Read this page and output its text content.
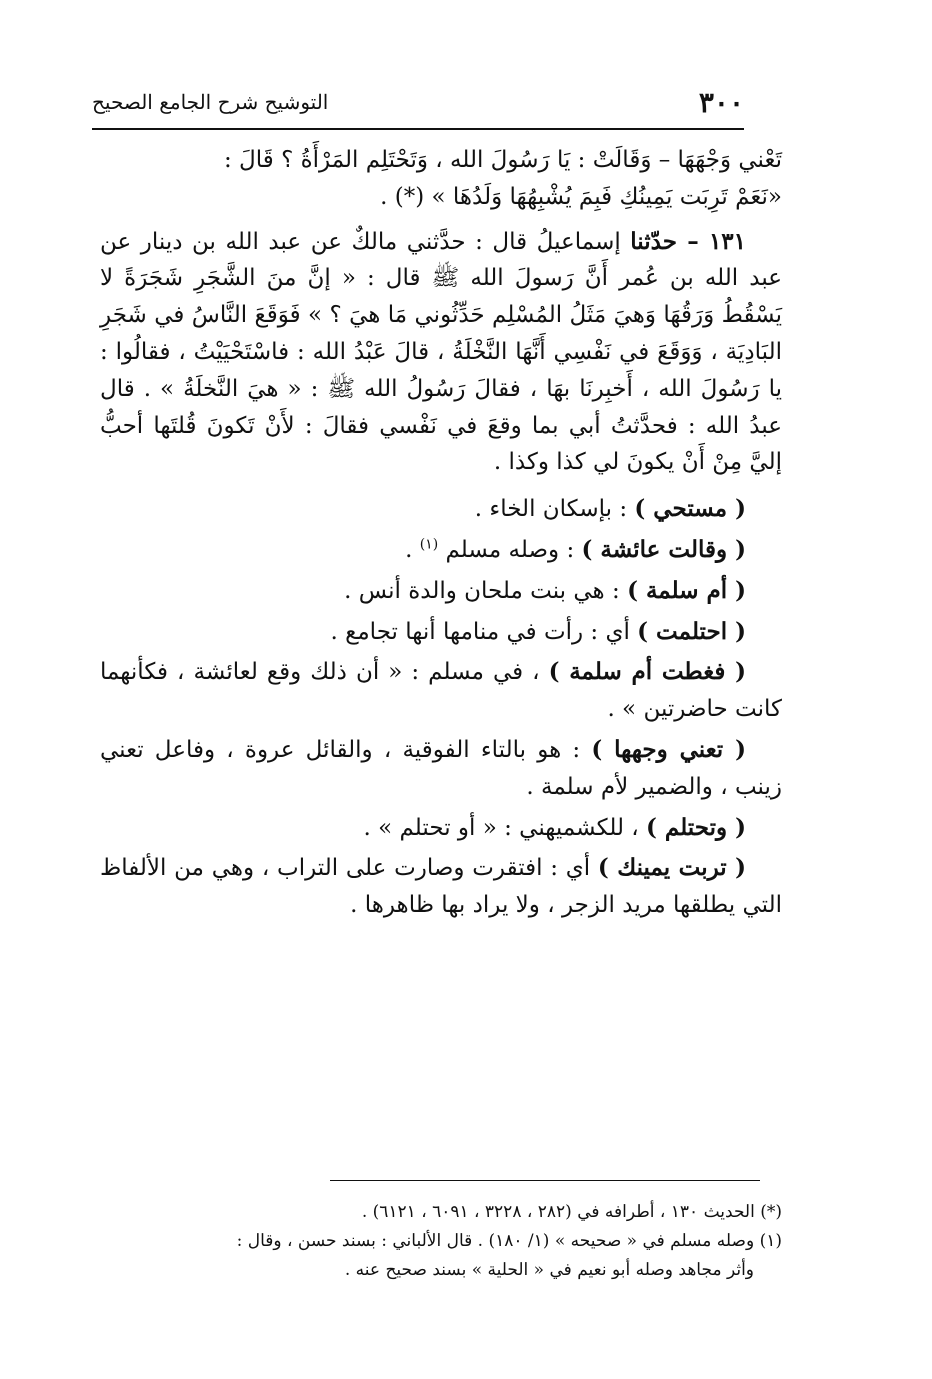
٣٠٠
التوشيح شرح الجامع الصحيح

تَعْني وَجْهَهَا – وَقَالَتْ : يَا رَسُولَ الله ، وَتَحْتَلِم المَرْأَةُ ؟ قَالَ :

«نَعَمْ تَرِبَت يَمِينُكِ فَبِمَ يُشْبِهُهَا وَلَدُهَا » (*) .

١٣١ – حدّثنا إسماعيلُ قال : حدَّثني مالكٌ عن عبد الله بن دينار عن عبد الله بن عُمر أَنَّ رَسولَ الله ﷺ قال : « إنَّ منَ الشَّجَرِ شَجَرَةً لا يَسْقُطُ وَرَقُهَا وَهيَ مَثَلُ المُسْلِم حَدِّثُوني مَا هيَ ؟ » فَوَقَعَ النَّاسُ في شَجَرِ البَادِيَة ، وَوَقَعَ في نَفْسِي أَنَّهَا النَّخْلَةُ ، قالَ عَبْدُ الله : فاسْتَحْيَيْتُ ، فقالُوا : يا رَسُولَ الله ، أَخبِرنَا بهَا ، فقالَ رَسُولُ الله ﷺ : « هيَ النَّخلَةُ » . قال عبدُ الله : فحدَّثتُ أبي بما وقعَ في نَفْسي فقالَ : لأَنْ تَكونَ قُلتَها أحبُّ إليَّ مِنْ أَنْ يكونَ لي كذا وكذا .

( مستحي ) : بإسكان الخاء .

( وقالت عائشة ) : وصله مسلم $^{(١)}$ .

( أم سلمة ) : هي بنت ملحان والدة أنس .

( احتلمت ) أي : رأت في منامها أنها تجامع .

( فغطت أم سلمة ) ، في مسلم : « أن ذلك وقع لعائشة ، فكأنهما كانت حاضرتين » .

( تعني وجهها ) : هو بالتاء الفوقية ، والقائل عروة ، وفاعل تعني زينب ، والضمير لأم سلمة .

( وتحتلم ) ، للكشميهني : « أو تحتلم » .

( تربت يمينك ) أي : افتقرت وصارت على التراب ، وهي من الألفاظ التي يطلقها مريد الزجر ، ولا يراد بها ظاهرها .

(*) الحديث ١٣٠ ، أطرافه في (٢٨٢ ، ٣٢٢٨ ، ٦٠٩١ ، ٦١٢١) .

(١) وصله مسلم في « صحيحه » (١/ ١٨٠) . قال الألباني : بسند حسن ، وقال :

وأثر مجاهد وصله أبو نعيم في « الحلية » بسند صحيح عنه .
